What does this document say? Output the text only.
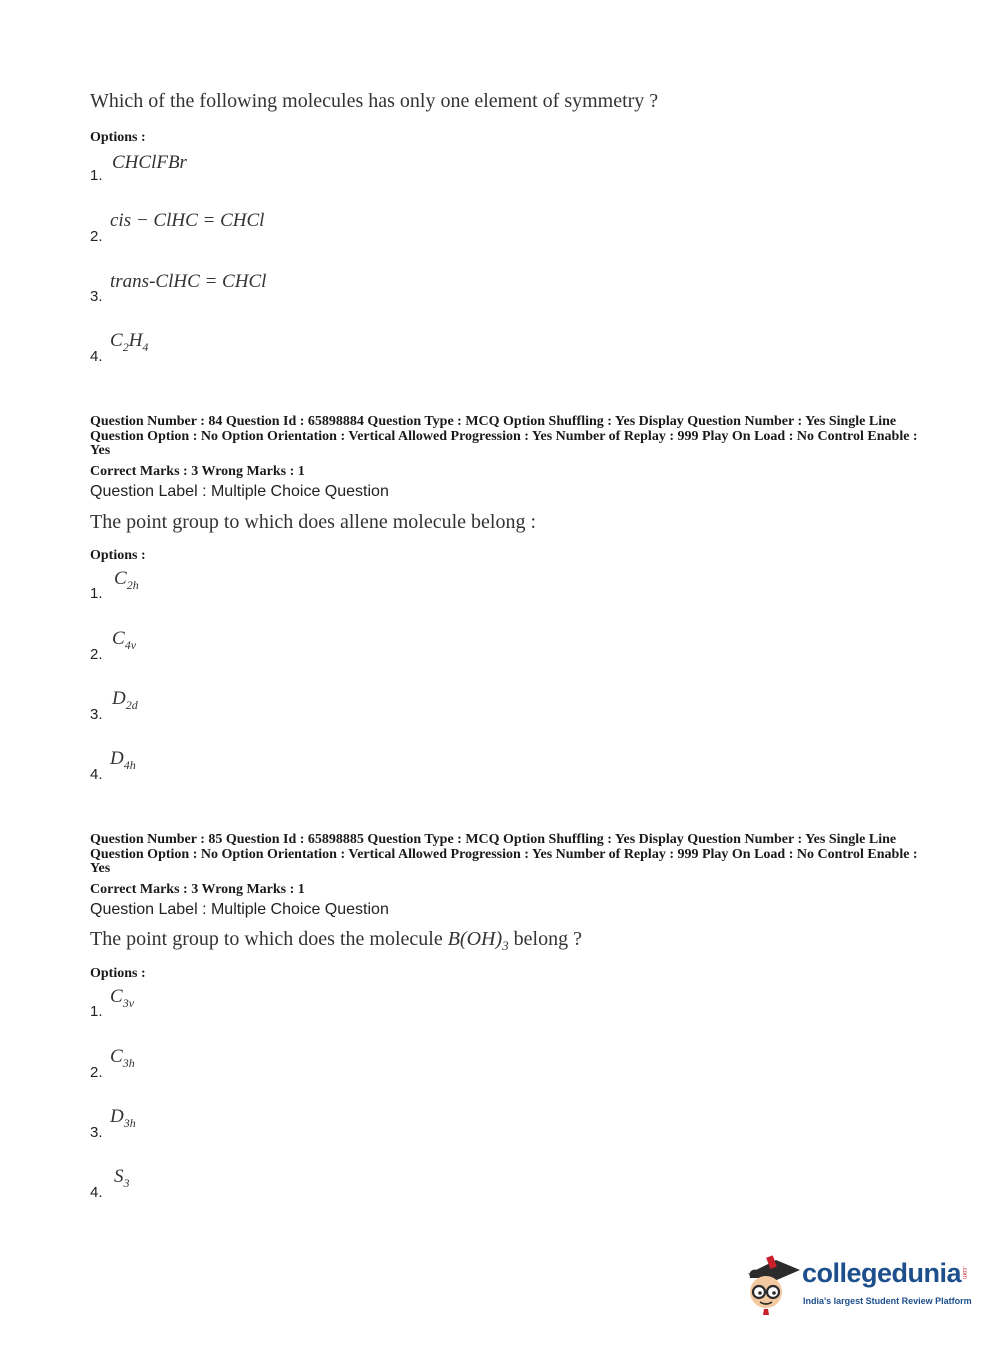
Which of the following molecules has only one element of symmetry ?
Options :
CHClFBr
1.
cis − ClHC = CHCl
2.
trans-ClHC = CHCl
3.
$C_2H_4$
4.
Question Number : 84 Question Id : 65898884 Question Type : MCQ Option Shuffling : Yes Display Question Number : Yes Single Line Question Option : No Option Orientation : Vertical Allowed Progression : Yes Number of Replay : 999 Play On Load : No Control Enable : Yes
Correct Marks : 3 Wrong Marks : 1
Question Label : Multiple Choice Question
The point group to which does allene molecule belong :
Options :
$C_{2h}$
1.
$C_{4v}$
2.
$D_{2d}$
3.
$D_{4h}$
4.
Question Number : 85 Question Id : 65898885 Question Type : MCQ Option Shuffling : Yes Display Question Number : Yes Single Line Question Option : No Option Orientation : Vertical Allowed Progression : Yes Number of Replay : 999 Play On Load : No Control Enable : Yes
Correct Marks : 3 Wrong Marks : 1
Question Label : Multiple Choice Question
The point group to which does the molecule $B(OH)_3$ belong ?
Options :
$C_{3v}$
1.
$C_{3h}$
2.
$D_{3h}$
3.
$S_3$
4.
collegedunia .com
India's largest Student Review Platform
